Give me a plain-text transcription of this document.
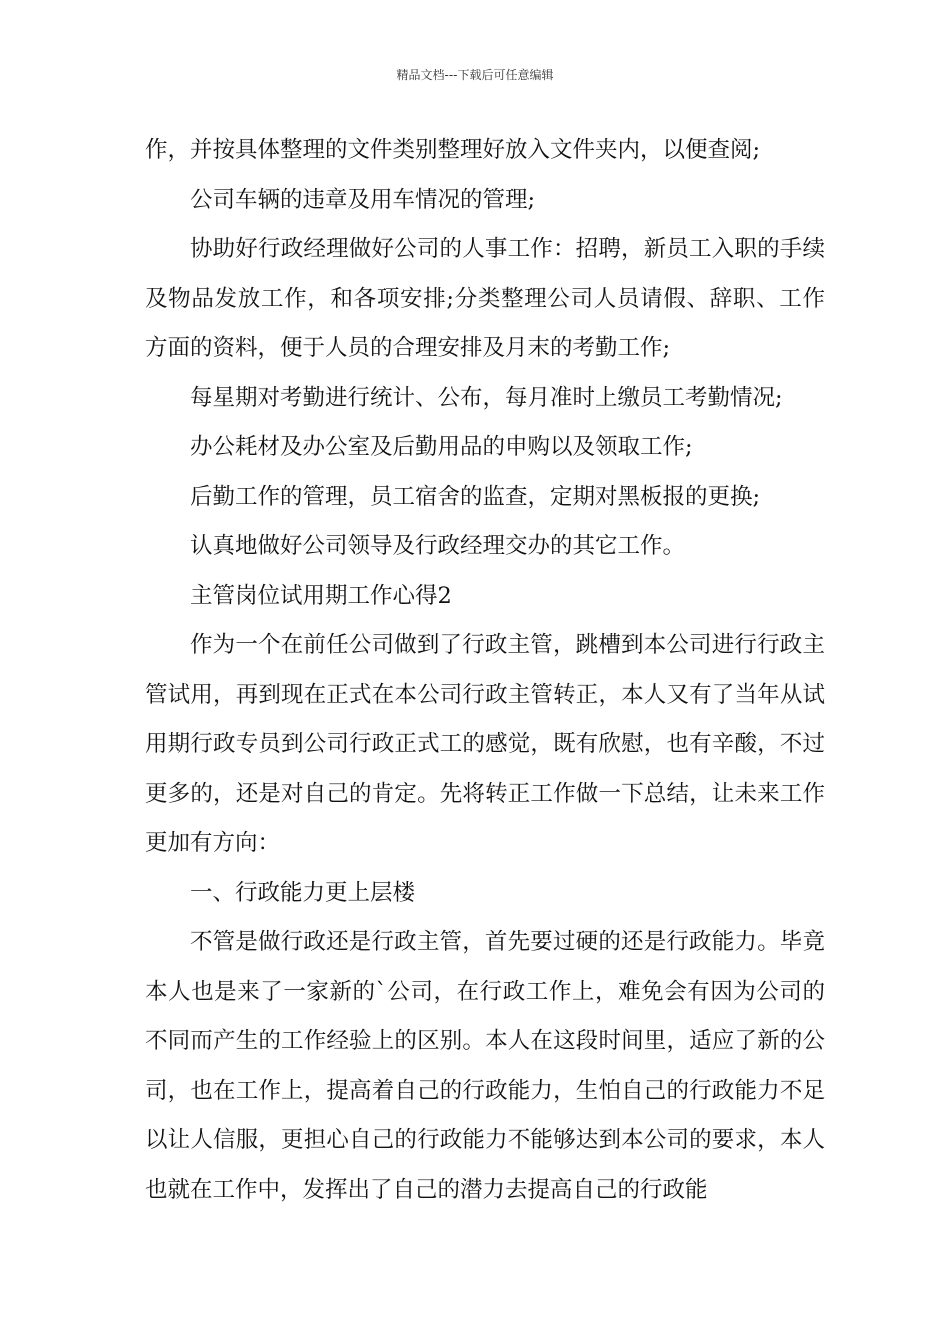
精品文档---下载后可任意编辑

作，并按具体整理的文件类别整理好放入文件夹内，以便查阅;

公司车辆的违章及用车情况的管理;

协助好行政经理做好公司的人事工作：招聘，新员工入职的手续及物品发放工作，和各项安排;分类整理公司人员请假、辞职、工作方面的资料，便于人员的合理安排及月末的考勤工作;

每星期对考勤进行统计、公布，每月准时上缴员工考勤情况;

办公耗材及办公室及后勤用品的申购以及领取工作;

后勤工作的管理，员工宿舍的监查，定期对黑板报的更换;

认真地做好公司领导及行政经理交办的其它工作。

主管岗位试用期工作心得2

作为一个在前任公司做到了行政主管，跳槽到本公司进行行政主管试用，再到现在正式在本公司行政主管转正，本人又有了当年从试用期行政专员到公司行政正式工的感觉，既有欣慰，也有辛酸，不过更多的，还是对自己的肯定。先将转正工作做一下总结，让未来工作更加有方向：

一、行政能力更上层楼

不管是做行政还是行政主管，首先要过硬的还是行政能力。毕竟本人也是来了一家新的`公司，在行政工作上，难免会有因为公司的不同而产生的工作经验上的区别。本人在这段时间里，适应了新的公司，也在工作上，提高着自己的行政能力，生怕自己的行政能力不足以让人信服，更担心自己的行政能力不能够达到本公司的要求，本人也就在工作中，发挥出了自己的潜力去提高自己的行政能
